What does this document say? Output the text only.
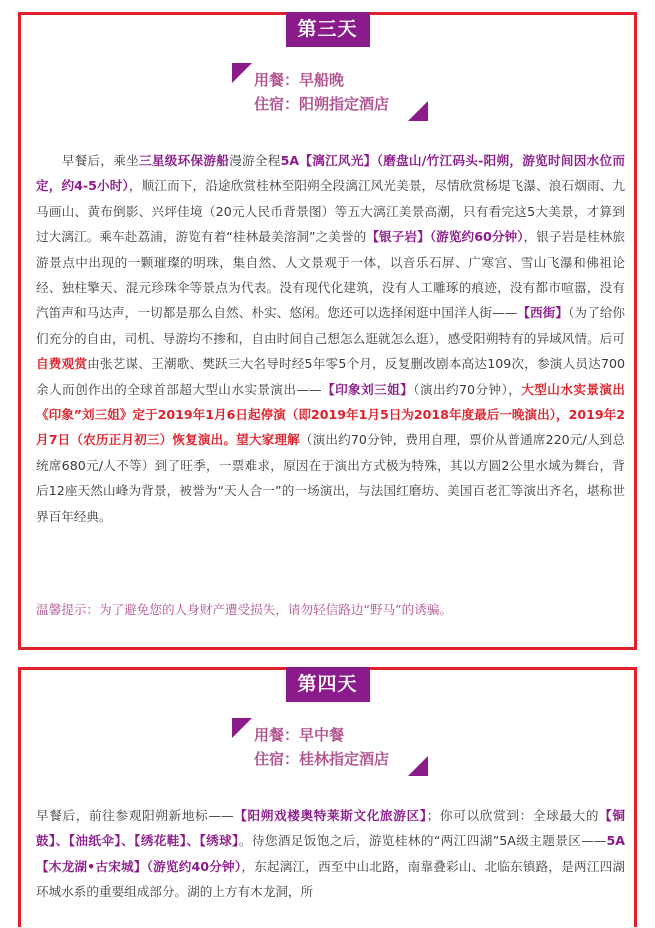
第三天
用餐：早船晚
住宿：阳朔指定酒店

　　早餐后，乘坐三星级环保游船漫游全程5A【漓江风光】（磨盘山/竹江码头-阳朔，游览时间因水位而定，约4-5小时），顺江而下，沿途欣赏桂林至阳朔全段漓江风光美景，尽情欣赏杨堤飞瀑、浪石烟雨、九马画山、黄布倒影、兴坪佳境（20元人民币背景图）等五大漓江美景高潮，只有看完这5大美景，才算到过大漓江。乘车赴荔浦，游览有着“桂林最美溶洞”之美誉的【银子岩】（游览约60分钟），银子岩是桂林旅游景点中出现的一颗璀璨的明珠，集自然、人文景观于一体，以音乐石屏、广寒宫、雪山飞瀑和佛祖论经、独柱擎天、混元珍珠伞等景点为代表。没有现代化建筑，没有人工雕琢的痕迹，没有都市喧嚣，没有汽笛声和马达声，一切都是那么自然、朴实、悠闲。您还可以选择闲逛中国洋人街——【西街】（为了给你们充分的自由，司机、导游均不掺和，自由时间自己想怎么逛就怎么逛），感受阳朔特有的异域风情。后可自费观赏由张艺谋、王潮歌、樊跃三大名导时经5年零5个月，反复删改剧本高达109次，参演人员达700余人而创作出的全球首部超大型山水实景演出——【印象刘三姐】（演出约70分钟），大型山水实景演出《印象”刘三姐》定于2019年1月6日起停演（即2019年1月5日为2018年度最后一晚演出），2019年2月7日（农历正月初三）恢复演出。望大家理解（演出约70分钟，费用自理，票价从普通席220元/人到总统席680元/人不等）到了旺季，一票难求，原因在于演出方式极为特殊，其以方圆2公里水域为舞台，背后12座天然山峰为背景，被誉为“天人合一”的一场演出，与法国红磨坊、美国百老汇等演出齐名，堪称世界百年经典。

温馨提示：为了避免您的人身财产遭受损失，请勿轻信路边“野马”的诱骗。
第四天
用餐：早中餐
住宿：桂林指定酒店

早餐后，前往参观阳朔新地标——【阳朔戏楼奥特莱斯文化旅游区】；你可以欣赏到：全球最大的【铜鼓】、【油纸伞】、【绣花鞋】、【绣球】。待您酒足饭饱之后，游览桂林的“两江四湖”5A级主题景区——5A【木龙湖•古宋城】（游览约40分钟），东起漓江，西至中山北路，南靠叠彩山、北临东镇路，是两江四湖环城水系的重要组成部分。湖的上方有木龙洞，所
